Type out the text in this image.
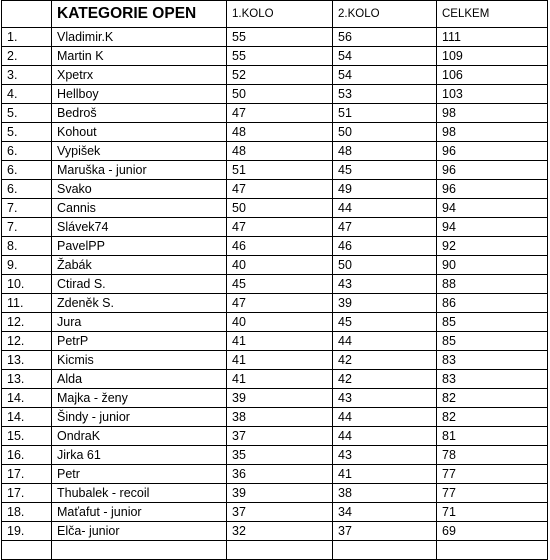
	KATEGORIE OPEN	1.KOLO	2.KOLO	CELKEM
1.	Vladimir.K	55	56	111
2.	Martin K	55	54	109
3.	Xpetrx	52	54	106
4.	Hellboy	50	53	103
5.	Bedroš	47	51	98
5.	Kohout	48	50	98
6.	Vypišek	48	48	96
6.	Maruška - junior	51	45	96
6.	Svako	47	49	96
7.	Cannis	50	44	94
7.	Slávek74	47	47	94
8.	PavelPP	46	46	92
9.	Žabák	40	50	90
10.	Ctirad S.	45	43	88
11.	Zdeněk S.	47	39	86
12.	Jura	40	45	85
12.	PetrP	41	44	85
13.	Kicmis	41	42	83
13.	Alda	41	42	83
14.	Majka - ženy	39	43	82
14.	Šindy - junior	38	44	82
15.	OndraK	37	44	81
16.	Jirka 61	35	43	78
17.	Petr	36	41	77
17.	Thubalek - recoil	39	38	77
18.	Maťafut - junior	37	34	71
19.	Elča- junior	32	37	69
